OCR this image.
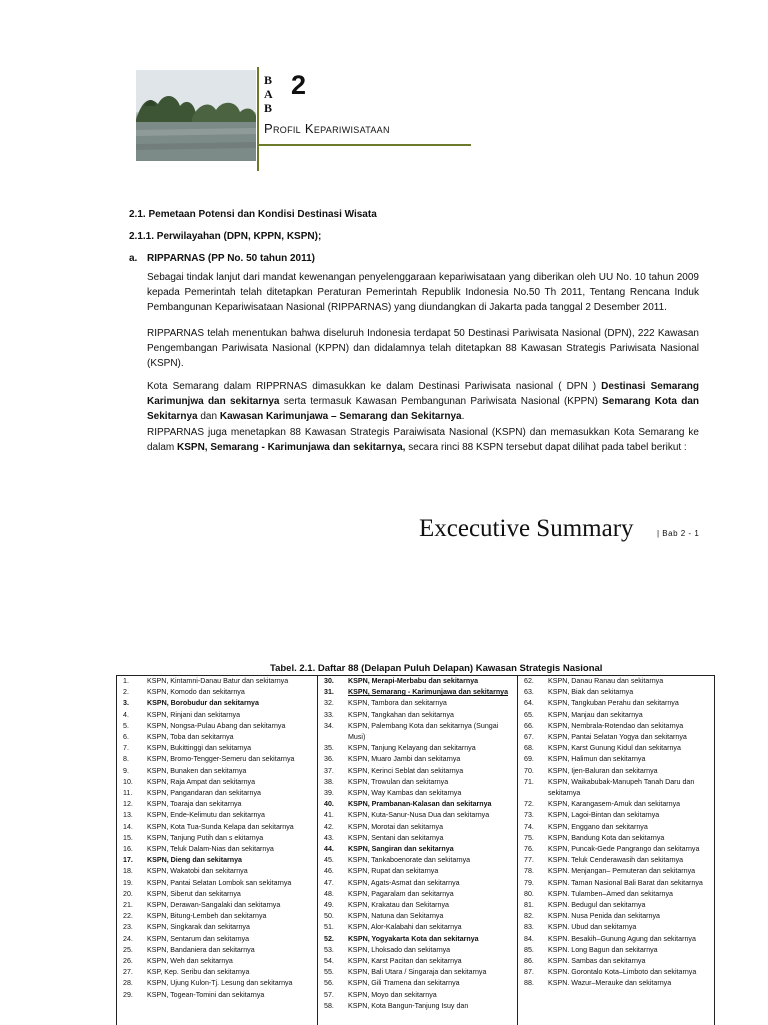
BAB
2
Profil Kepariwisataan
2.1. Pemetaan Potensi dan Kondisi Destinasi Wisata
2.1.1. Perwilayahan (DPN, KPPN, KSPN);
a. RIPPARNAS (PP No. 50 tahun 2011)
Sebagai tindak lanjut dari mandat kewenangan penyelenggaraan kepariwisataan yang diberikan oleh UU No. 10 tahun 2009 kepada Pemerintah telah ditetapkan Peraturan Pemerintah Republik Indonesia No.50 Th 2011, Tentang Rencana Induk Pembangunan Kepariwisataan Nasional (RIPPARNAS) yang diundangkan di Jakarta pada tanggal 2 Desember 2011.
RIPPARNAS telah menentukan bahwa diseluruh Indonesia terdapat 50 Destinasi Pariwisata Nasional (DPN), 222 Kawasan Pengembangan Pariwisata Nasional (KPPN) dan didalamnya telah ditetapkan 88 Kawasan Strategis Pariwisata Nasional (KSPN).
Kota Semarang dalam RIPPRNAS dimasukkan ke dalam Destinasi Pariwisata nasional ( DPN ) Destinasi Semarang Karimunjwa dan sekitarnya serta termasuk Kawasan Pembangunan Pariwisata Nasional (KPPN) Semarang Kota dan Sekitarnya dan Kawasan Karimunjawa – Semarang dan Sekitarnya.
RIPPARNAS juga menetapkan 88 Kawasan Strategis Paraiwisata Nasional (KSPN) dan memasukkan Kota Semarang ke dalam KSPN, Semarang - Karimunjawa dan sekitarnya, secara rinci 88 KSPN tersebut dapat dilihat pada tabel berikut :
Excecutive Summary	| Bab 2 - 1
Tabel. 2.1. Daftar 88 (Delapan Puluh Delapan) Kawasan Strategis Nasional
1.	KSPN, Kintamni-Danau Batur dan sekitarnya
2.	KSPN, Komodo dan sekitarnya
3.	KSPN, Borobudur dan sekitarnya
4.	KSPN, Rinjani dan sekitarnya
5.	KSPN, Nongsa-Pulau Abang dan sekitarnya
6.	KSPN, Toba dan sekitarnya
7.	KSPN, Bukittinggi dan sekitarnya
8.	KSPN, Bromo-Tengger-Semeru dan sekitarnya
9.	KSPN, Bunaken dan sekitarnya
10.	KSPN, Raja Ampat dan sekitarnya
11.	KSPN, Pangandaran dan sekitarnya
12.	KSPN, Toaraja dan sekitarnya
13.	KSPN, Ende-Kelimutu dan sekitarnya
14.	KSPN, Kota Tua-Sunda Kelapa dan sekitarnya
15.	KSPN, Tanjung Putih dan s ekitarnya
16.	KSPN, Teluk Dalam-Nias dan sekitarnya
17.	KSPN, Dieng dan sekitarnya
18.	KSPN, Wakatobi dan sekitarnya
19.	KSPN, Pantai Selatan Lombok san sekitarnya
20.	KSPN, Siberut dan sekitarnya
21.	KSPN, Derawan-Sangalaki dan sekitarnya
22.	KSPN, Bitung-Lembeh dan sekitarnya
23.	KSPN, Singkarak dan sekitarnya
24.	KSPN, Sentarum dan sekitarnya
25.	KSPN, Bandaniera dan sekitarnya
26.	KSPN, Weh dan sekitarnya
27.	KSP, Kep. Seribu dan sekitarnya
28.	KSPN, Ujung Kulon-Tj. Lesung dan sekitarnya
29.	KSPN, Togean-Tomini dan sekitarnya
30.	KSPN, Merapi-Merbabu dan sekitarnya
31.	KSPN, Semarang - Karimunjawa dan sekitarnya
32.	KSPN, Tambora dan sekitarnya
33.	KSPN, Tangkahan dan sekitarnya
34.	KSPN, Palembang Kota dan sekitarnya (Sungai Musi)
35.	KSPN, Tanjung Kelayang dan sekitarnya
36.	KSPN, Muaro Jambi dan sekitarnya
37.	KSPN, Kerinci Seblat dan sekitarnya
38.	KSPN, Trowulan dan sekitarnya
39.	KSPN, Way Kambas dan sekitarnya
40.	KSPN, Prambanan-Kalasan dan sekitarnya
41.	KSPN, Kuta-Sanur-Nusa Dua dan sekitarnya
42.	KSPN, Morotai dan sekitarnya
43.	KSPN, Sentani dan sekitarnya
44.	KSPN, Sangiran dan sekitarnya
45.	KSPN, Tankaboenorate dan sekitarnya
46.	KSPN, Rupat dan sekitarnya
47.	KSPN, Agats-Asmat dan sekitarnya
48.	KSPN, Pagaralam dan sekitarnya
49.	KSPN, Krakatau dan Sekitarnya
50.	KSPN, Natuna dan Sekitarnya
51.	KSPN, Alor-Kalabahi dan sekitarnya
52.	KSPN, Yogyakarta Kota dan sekitarnya
53.	KSPN, Lhoksado dan sekitarnya
54.	KSPN, Karst Pacitan dan sekitarnya
55.	KSPN, Bali Utara / Singaraja dan sekitarnya
56.	KSPN, Gili Tramena dan sekitarnya
57.	KSPN, Moyo dan sekitarnya
58.	KSPN, Kota Bangun-Tanjung Isuy dan
62.	KSPN, Danau Ranau dan sekitarnya
63.	KSPN, Biak dan sekitarnya
64.	KSPN, Tangkuban Perahu dan sekitarnya
65.	KSPN, Manjau dan sekitarnya
66.	KSPN, Nembrala-Rotendao dan sekitarnya
67.	KSPN, Pantai Selatan Yogya dan sekitarnya
68.	KSPN, Karst Gunung Kidul dan sekitarnya
69.	KSPN, Halimun dan sekitarnya
70.	KSPN, Ijen-Baluran dan sekitarnya
71.	KSPN, Waikabubak-Manupeh Tanah Daru dan sekitarnya
72.	KSPN, Karangasem-Amuk dan sekitarnya
73.	KSPN, Lagoi-Bintan dan sekitarnya
74.	KSPN, Enggano dan sekitarnya
75.	KSPN, Bandung Kota dan sekitarnya
76.	KSPN, Puncak-Gede Pangrango dan sekitarnya
77.	KSPN. Teluk Cenderawasih dan sekitarnya
78.	KSPN. Menjangan– Pemuteran dan sekitarnya
79.	KSPN. Taman Nasional Bali Barat dan sekitarnya
80.	KSPN. Tulamben–Amed dan sekitarnya
81.	KSPN. Bedugul dan sekitarnya
82.	KSPN. Nusa Penida dan sekitarnya
83.	KSPN. Ubud dan sekitarnya
84.	KSPN. Besakih–Gunung Agung dan sekitarnya
85.	KSPN. Long Bagun dan sekitarnya
86.	KSPN. Sambas dan sekitarnya
87.	KSPN. Gorontalo Kota–Limboto dan sekitarnya
88.	KSPN. Wazur–Merauke dan sekitarnya
